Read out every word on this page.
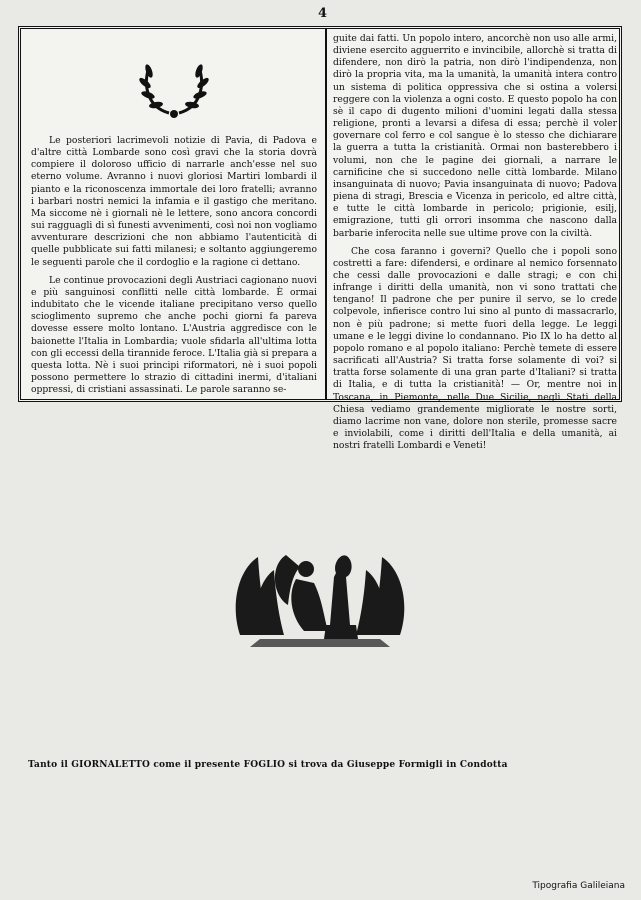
4

Le posteriori lacrimevoli notizie di Pavia, di Padova e d'altre città Lombarde sono così gravi che la storia dovrà compiere il doloroso ufficio di narrarle anch'esse nel suo eterno volume. Avranno i nuovi gloriosi Martiri lombardi il pianto e la riconoscenza immortale dei loro fratelli; avranno i barbari nostri nemici la infamia e il gastigo che meritano. Ma siccome nè i giornali nè le lettere, sono ancora concordi sui ragguagli di sì funesti avvenimenti, così noi non vogliamo avventurare descrizioni che non abbiamo l'autenticità di quelle pubblicate sui fatti milanesi; e soltanto aggiungeremo le seguenti parole che il cordoglio e la ragione ci dettano.

Le continue provocazioni degli Austriaci cagionano nuovi e più sanguinosi conflitti nelle città lombarde. È ormai indubitato che le vicende italiane precipitano verso quello scioglimento supremo che anche pochi giorni fa pareva dovesse essere molto lontano. L'Austria aggredisce con le baionette l'Italia in Lombardia; vuole sfidarla all'ultima lotta con gli eccessi della tirannide feroce. L'Italia già si prepara a questa lotta. Nè i suoi principi riformatori, nè i suoi popoli possono permettere lo strazio di cittadini inermi, d'italiani oppressi, di cristiani assassinati. Le parole saranno se-

guite dai fatti. Un popolo intero, ancorchè non uso alle armi, diviene esercito agguerrito e invincibile, allorchè si tratta di difendere, non dirò la patria, non dirò l'indipendenza, non dirò la propria vita, ma la umanità, la umanità intera contro un sistema di politica oppressiva che si ostina a volersi reggere con la violenza a ogni costo. E questo popolo ha con sè il capo di dugento milioni d'uomini legati dalla stessa religione, pronti a levarsi a difesa di essa; perchè il voler governare col ferro e col sangue è lo stesso che dichiarare la guerra a tutta la cristianità. Ormai non basterebbero i volumi, non che le pagine dei giornali, a narrare le carnificine che si succedono nelle città lombarde. Milano insanguinata di nuovo; Pavia insanguinata di nuovo; Padova piena di stragi, Brescia e Vicenza in pericolo, ed altre città, e tutte le città lombarde in pericolo; prigionie, esilj, emigrazione, tutti gli orrori insomma che nascono dalla barbarie inferocita nelle sue ultime prove con la civiltà.

Che cosa faranno i governi? Quello che i popoli sono costretti a fare: difendersi, e ordinare al nemico forsennato che cessi dalle provocazioni e dalle stragi; e con chi infrange i diritti della umanità, non vi sono trattati che tengano! Il padrone che per punire il servo, se lo crede colpevole, infierisce contro lui sino al punto di massacrarlo, non è più padrone; si mette fuori della legge. Le leggi umane e le leggi divine lo condannano. Pio IX lo ha detto al popolo romano e al popolo italiano: Perchè temete di essere sacrificati all'Austria? Si tratta forse solamente di voi? si tratta forse solamente di una gran parte d'Italiani? si tratta di Italia, e di tutta la cristianità! — Or, mentre noi in Toscana, in Piemonte, nelle Due Sicilie, negli Stati della Chiesa vediamo grandemente migliorate le nostre sorti, diamo lacrime non vane, dolore non sterile, promesse sacre e inviolabili, come i diritti dell'Italia e della umanità, ai nostri fratelli Lombardi e Veneti!

Tanto il GIORNALETTO come il presente FOGLIO si trova da Giuseppe Formigli in Condotta
Tipografia Galileiana
